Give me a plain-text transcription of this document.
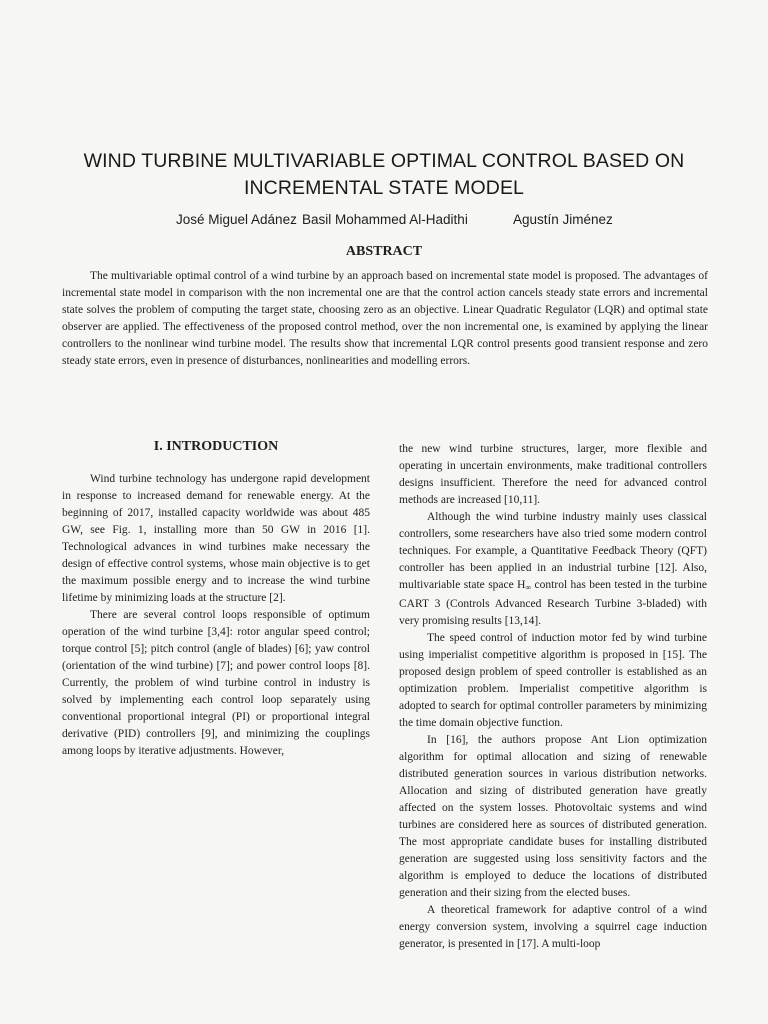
WIND TURBINE MULTIVARIABLE OPTIMAL CONTROL BASED ON
INCREMENTAL STATE MODEL
José Miguel Adánez Basil Mohammed Al-Hadithi	Agustín Jiménez
ABSTRACT

The multivariable optimal control of a wind turbine by an approach based on incremental state model is proposed. The advantages of incremental state model in comparison with the non incremental one are that the control action cancels steady state errors and incremental state solves the problem of computing the target state, choosing zero as an objective. Linear Quadratic Regulator (LQR) and optimal state observer are applied. The effectiveness of the proposed control method, over the non incremental one, is examined by applying the linear controllers to the nonlinear wind turbine model. The results show that incremental LQR control presents good transient response and zero steady state errors, even in presence of disturbances, nonlinearities and modelling errors.

I. INTRODUCTION

Wind turbine technology has undergone rapid development in response to increased demand for renewable energy. At the beginning of 2017, installed capacity worldwide was about 485 GW, see Fig. 1, installing more than 50 GW in 2016 [1]. Technological advances in wind turbines make necessary the design of effective control systems, whose main objective is to get the maximum possible energy and to increase the wind turbine lifetime by minimizing loads at the structure [2].

There are several control loops responsible of optimum operation of the wind turbine [3,4]: rotor angular speed control; torque control [5]; pitch control (angle of blades) [6]; yaw control (orientation of the wind turbine) [7]; and power control loops [8]. Currently, the problem of wind turbine control in industry is solved by implementing each control loop separately using conventional proportional integral (PI) or proportional integral derivative (PID) controllers [9], and minimizing the couplings among loops by iterative adjustments. However,

the new wind turbine structures, larger, more flexible and operating in uncertain environments, make traditional controllers designs insufficient. Therefore the need for advanced control methods are increased [10,11].

Although the wind turbine industry mainly uses classical controllers, some researchers have also tried some modern control techniques. For example, a Quantitative Feedback Theory (QFT) controller has been applied in an industrial turbine [12]. Also, multivariable state space $H_\infty$ control has been tested in the turbine CART 3 (Controls Advanced Research Turbine 3-bladed) with very promising results [13,14].

The speed control of induction motor fed by wind turbine using imperialist competitive algorithm is proposed in [15]. The proposed design problem of speed controller is established as an optimization problem. Imperialist competitive algorithm is adopted to search for optimal controller parameters by minimizing the time domain objective function.

In [16], the authors propose Ant Lion optimization algorithm for optimal allocation and sizing of renewable distributed generation sources in various distribution networks. Allocation and sizing of distributed generation have greatly affected on the system losses. Photovoltaic systems and wind turbines are considered here as sources of distributed generation. The most appropriate candidate buses for installing distributed generation are suggested using loss sensitivity factors and the algorithm is employed to deduce the locations of distributed generation and their sizing from the elected buses.

A theoretical framework for adaptive control of a wind energy conversion system, involving a squirrel cage induction generator, is presented in [17]. A multi-loop
